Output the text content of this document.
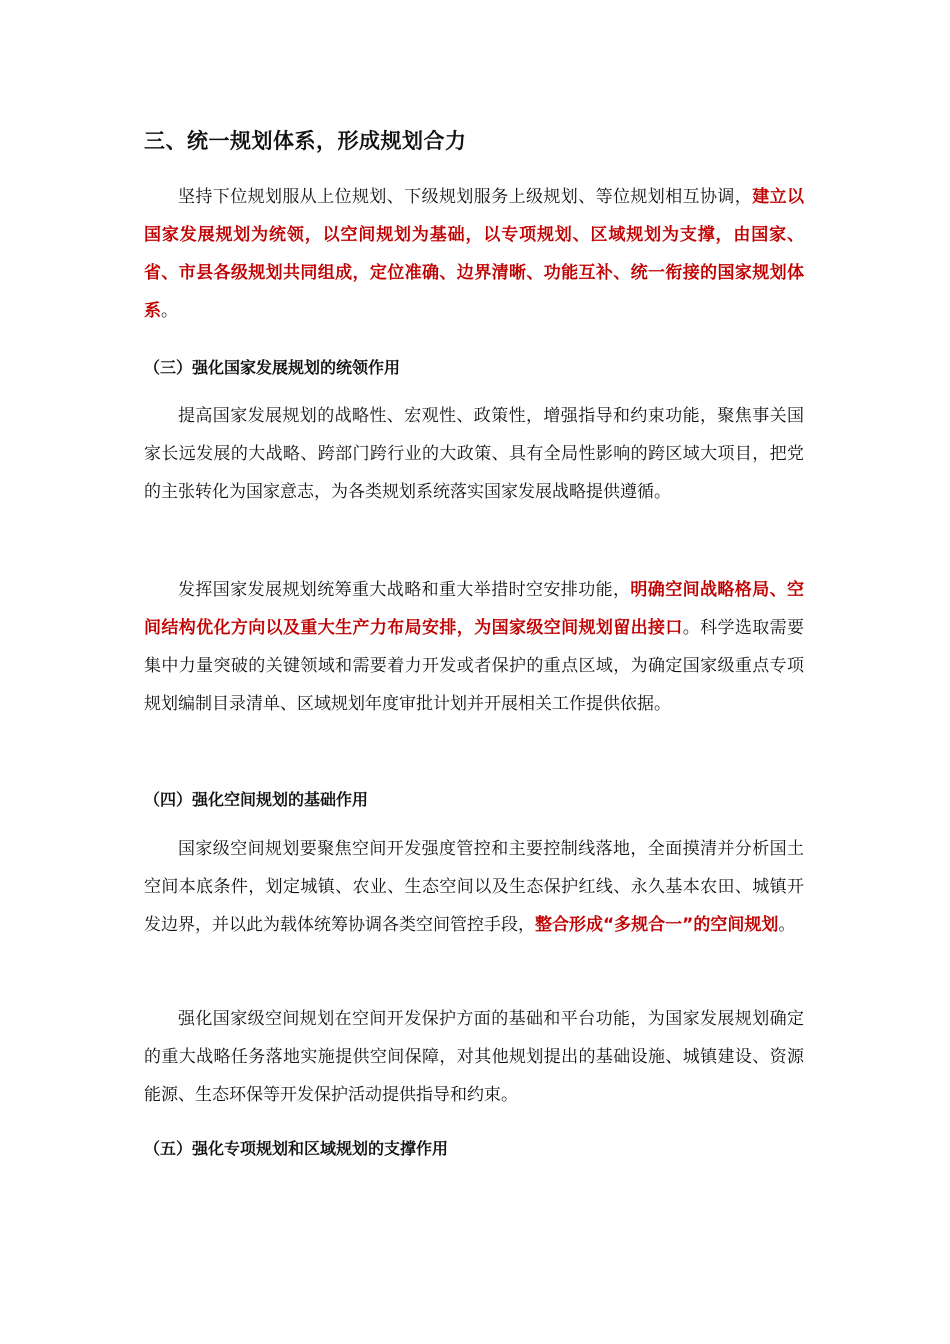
三、统一规划体系，形成规划合力

坚持下位规划服从上位规划、下级规划服务上级规划、等位规划相互协调，建立以国家发展规划为统领，以空间规划为基础，以专项规划、区域规划为支撑，由国家、省、市县各级规划共同组成，定位准确、边界清晰、功能互补、统一衔接的国家规划体系。

（三）强化国家发展规划的统领作用

提高国家发展规划的战略性、宏观性、政策性，增强指导和约束功能，聚焦事关国家长远发展的大战略、跨部门跨行业的大政策、具有全局性影响的跨区域大项目，把党的主张转化为国家意志，为各类规划系统落实国家发展战略提供遵循。

发挥国家发展规划统筹重大战略和重大举措时空安排功能，明确空间战略格局、空间结构优化方向以及重大生产力布局安排，为国家级空间规划留出接口。科学选取需要集中力量突破的关键领域和需要着力开发或者保护的重点区域，为确定国家级重点专项规划编制目录清单、区域规划年度审批计划并开展相关工作提供依据。

（四）强化空间规划的基础作用

国家级空间规划要聚焦空间开发强度管控和主要控制线落地，全面摸清并分析国土空间本底条件，划定城镇、农业、生态空间以及生态保护红线、永久基本农田、城镇开发边界，并以此为载体统筹协调各类空间管控手段，整合形成“多规合一”的空间规划。

强化国家级空间规划在空间开发保护方面的基础和平台功能，为国家发展规划确定的重大战略任务落地实施提供空间保障，对其他规划提出的基础设施、城镇建设、资源能源、生态环保等开发保护活动提供指导和约束。

（五）强化专项规划和区域规划的支撑作用
